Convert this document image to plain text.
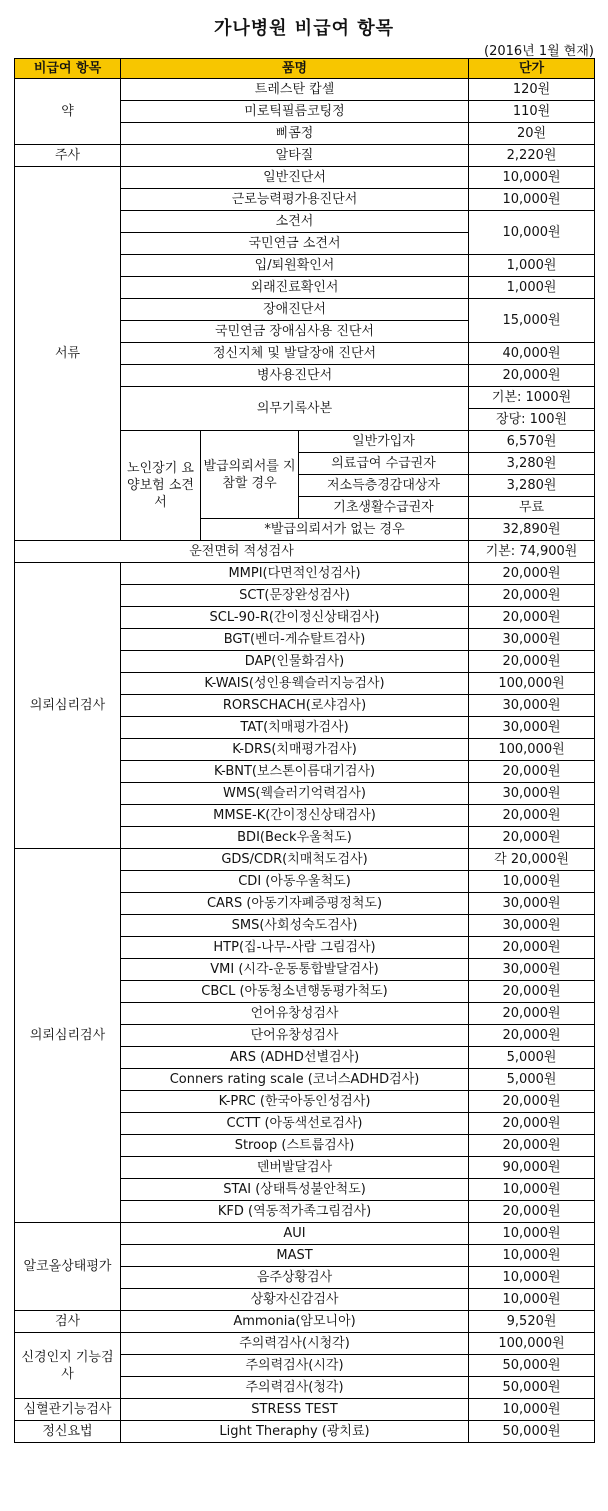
가나병원 비급여 항목
(2016년 1월 현재)
비급여 항목	품명			단가
약	트레스탄 캅셀			120원
	미로틱필름코팅정			110원
	삐콤정			20원
주사	알타질			2,220원
서류	일반진단서			10,000원
	근로능력평가용진단서			10,000원
	소견서			10,000원
	국민연금 소견서			
	입/퇴원확인서			1,000원
	외래진료확인서			1,000원
	장애진단서			15,000원
	국민연금 장애심사용 진단서			
	정신지체 및 발달장애 진단서			40,000원
	병사용진단서			20,000원
	의무기록사본			기본: 1000원
				장당: 100원
	노인장기 요양보험 소견서	발급의뢰서를 지참할 경우	일반가입자	6,570원
			의료급여 수급권자	3,280원
			저소득층경감대상자	3,280원
			기초생활수급권자	무료
		*발급의뢰서가 없는 경우		32,890원
운전면허 적성검사				기본: 74,900원
의뢰심리검사	MMPI(다면적인성검사)			20,000원
	SCT(문장완성검사)			20,000원
	SCL-90-R(간이정신상태검사)			20,000원
	BGT(벤더-게슈탈트검사)			30,000원
	DAP(인물화검사)			20,000원
	K-WAIS(성인용웩슬러지능검사)			100,000원
	RORSCHACH(로샤검사)			30,000원
	TAT(치매평가검사)			30,000원
	K-DRS(치매평가검사)			100,000원
	K-BNT(보스톤이름대기검사)			20,000원
	WMS(웩슬러기억력검사)			30,000원
	MMSE-K(간이정신상태검사)			20,000원
	BDI(Beck우울척도)			20,000원
의뢰심리검사	GDS/CDR(치매척도검사)			각 20,000원
	CDI (아동우울척도)			10,000원
	CARS (아동기자폐증평정척도)			30,000원
	SMS(사회성숙도검사)			30,000원
	HTP(집-나무-사람 그림검사)			20,000원
	VMI (시각-운동통합발달검사)			30,000원
	CBCL (아동청소년행동평가척도)			20,000원
	언어유창성검사			20,000원
	단어유창성검사			20,000원
	ARS (ADHD선별검사)			5,000원
	Conners rating scale (코너스ADHD검사)			5,000원
	K-PRC (한국아동인성검사)			20,000원
	CCTT (아동색선로검사)			20,000원
	Stroop (스트룹검사)			20,000원
	덴버발달검사			90,000원
	STAI (상태특성불안척도)			10,000원
	KFD (역동적가족그림검사)			20,000원
알코올상태평가	AUI			10,000원
	MAST			10,000원
	음주상황검사			10,000원
	상황자신감검사			10,000원
검사	Ammonia(암모니아)			9,520원
신경인지 기능검사	주의력검사(시청각)			100,000원
	주의력검사(시각)			50,000원
	주의력검사(청각)			50,000원
심혈관기능검사	STRESS TEST			10,000원
정신요법	Light Theraphy (광치료)			50,000원
